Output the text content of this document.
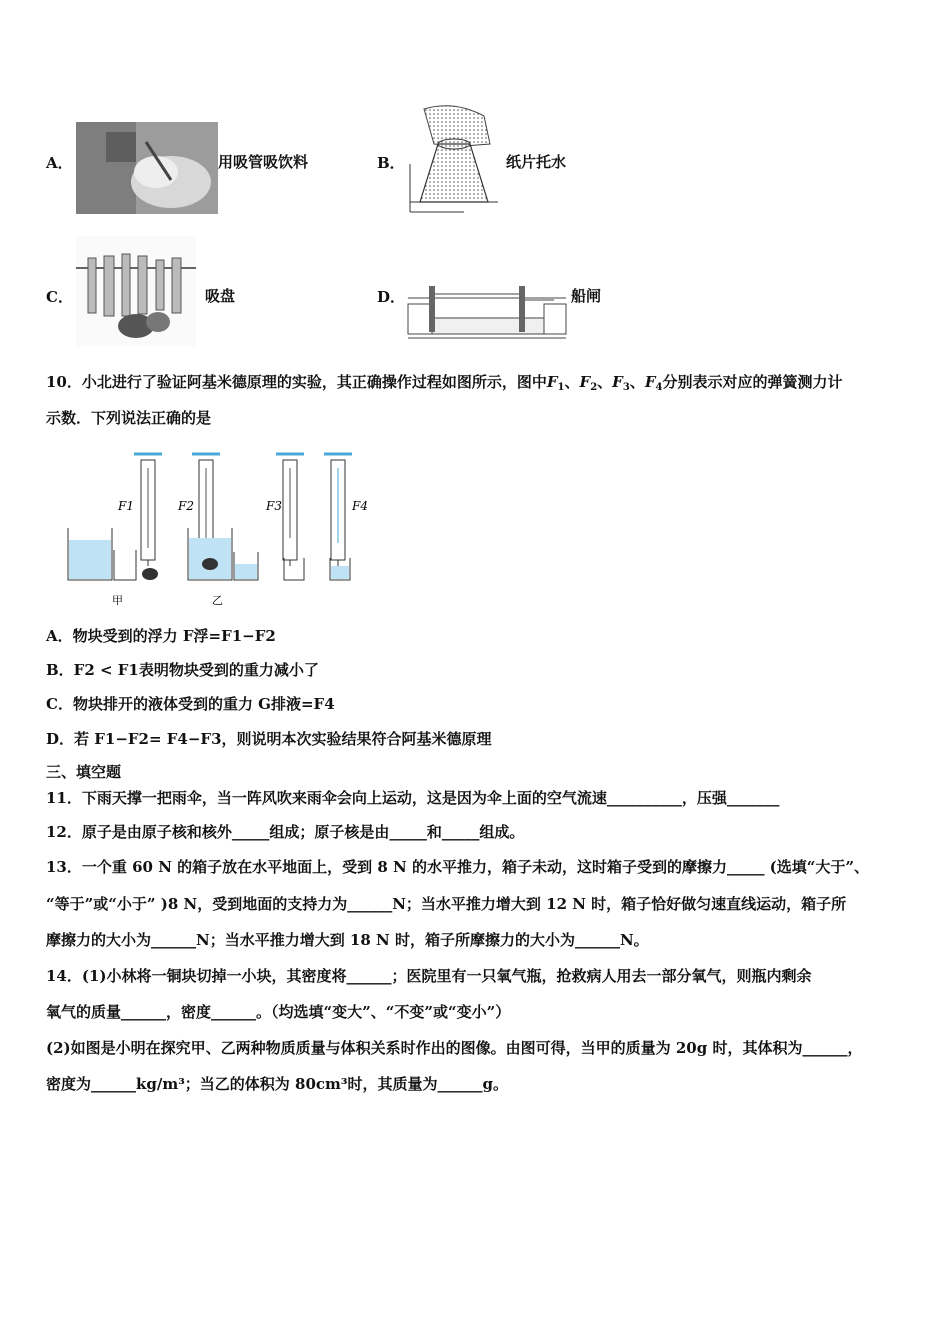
A．	用吸管吸饮料	B．	纸片托水
C．	吸盘	D．	船闸
10．小北进行了验证阿基米德原理的实验，其正确操作过程如图所示，图中$F_1$、$F_2$、$F_3$、$F_4$分别表示对应的弹簧测力计
示数．下列说法正确的是
F1	F2	F3	F4
甲	乙
A．物块受到的浮力 F浮=F1−F2
B．F2 < F1表明物块受到的重力减小了
C．物块排开的液体受到的重力 G排液=F4
D．若 F1−F2= F4−F3，则说明本次实验结果符合阿基米德原理
三、填空题
11．下雨天撑一把雨伞，当一阵风吹来雨伞会向上运动，这是因为伞上面的空气流速__________，压强_______
12．原子是由原子核和核外_____组成；原子核是由_____和_____组成。
13．一个重 60 N 的箱子放在水平地面上，受到 8 N 的水平推力，箱子未动，这时箱子受到的摩擦力_____ (选填“大于”、
“等于”或“小于” )8 N，受到地面的支持力为______N；当水平推力增大到 12 N 时，箱子恰好做匀速直线运动，箱子所
摩擦力的大小为______N；当水平推力增大到 18 N 时，箱子所摩擦力的大小为______N。
14．(1)小林将一铜块切掉一小块，其密度将______；医院里有一只氧气瓶，抢救病人用去一部分氧气，则瓶内剩余
氧气的质量______，密度______。（均选填“变大”、“不变”或“变小”）
(2)如图是小明在探究甲、乙两种物质质量与体积关系时作出的图像。由图可得，当甲的质量为 20g 时，其体积为______，
密度为______kg/m³；当乙的体积为 80cm³时，其质量为______g。
